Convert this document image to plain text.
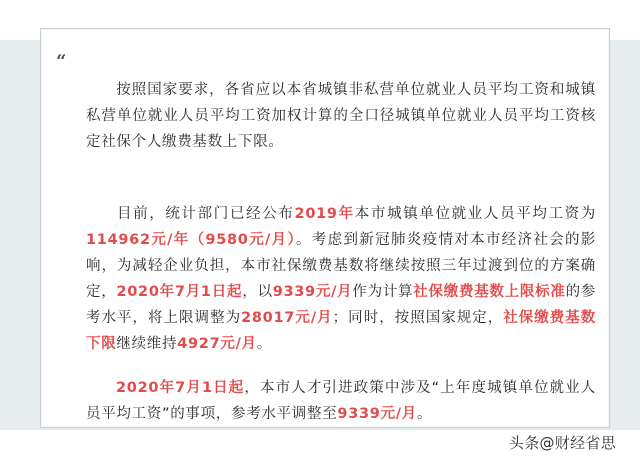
“

按照国家要求，各省应以本省城镇非私营单位就业人员平均工资和城镇私营单位就业人员平均工资加权计算的全口径城镇单位就业人员平均工资核定社保个人缴费基数上下限。

目前，统计部门已经公布2019年本市城镇单位就业人员平均工资为114962元/年（9580元/月）。考虑到新冠肺炎疫情对本市经济社会的影响，为减轻企业负担，本市社保缴费基数将继续按照三年过渡到位的方案确定，2020年7月1日起，以9339元/月作为计算社保缴费基数上限标准的参考水平，将上限调整为28017元/月；同时，按照国家规定，社保缴费基数下限继续维持4927元/月。

2020年7月1日起，本市人才引进政策中涉及“上年度城镇单位就业人员平均工资”的事项，参考水平调整至9339元/月。

头条@财经省思
